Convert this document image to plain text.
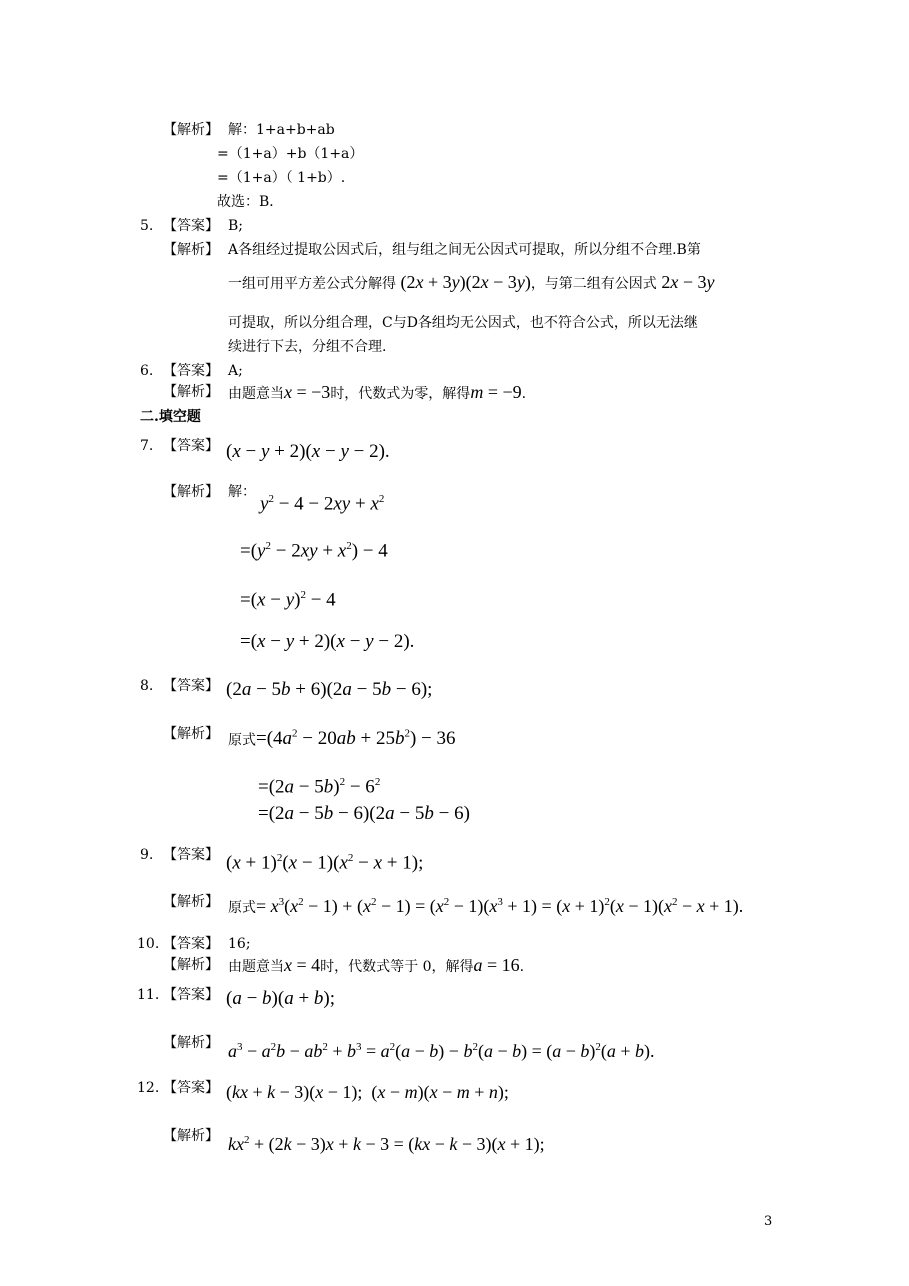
【解析】 解：1+a+b+ab
=（1+a）+b（1+a）
=（1+a）（ 1+b）.
故选：B．
5. 【答案】 B;
【解析】 A各组经过提取公因式后，组与组之间无公因式可提取，所以分组不合理.B第
一组可用平方差公式分解得 (2x + 3y)(2x − 3y)，与第二组有公因式 2x − 3y
可提取，所以分组合理，C与D各组均无公因式，也不符合公式，所以无法继
续进行下去，分组不合理.
6. 【答案】 A;
【解析】 由题意当x = −3时，代数式为零，解得m = −9.
二.填空题
7. 【答案】 (x − y + 2)(x − y − 2).
【解析】 解：
$y^2 - 4 - 2xy + x^2$
$=(y^2 - 2xy + x^2) - 4$
$=(x - y)^2 - 4$
=(x − y + 2)(x − y − 2).
8. 【答案】 (2a − 5b + 6)(2a − 5b − 6);
【解析】 原式$=(4a^2 - 20ab + 25b^2) - 36$
$=(2a - 5b)^2 - 6^2$
=(2a − 5b − 6)(2a − 5b − 6)
9. 【答案】 $(x + 1)^2(x - 1)(x^2 - x + 1)$;
【解析】 原式= $x^3(x^2 - 1) + (x^2 - 1) = (x^2 - 1)(x^3 + 1) = (x + 1)^2(x - 1)(x^2 - x + 1)$.
10. 【答案】 16;
【解析】 由题意当x = 4时，代数式等于 0，解得a = 16.
11. 【答案】 (a − b)(a + b);
【解析】 $a^3 - a^2b - ab^2 + b^3 = a^2(a - b) - b^2(a - b) = (a - b)^2(a + b)$.
12. 【答案】 (kx + k − 3)(x − 1);  (x − m)(x − m + n);
【解析】 $kx^2 + (2k - 3)x + k - 3 = (kx - k - 3)(x + 1)$;
3
